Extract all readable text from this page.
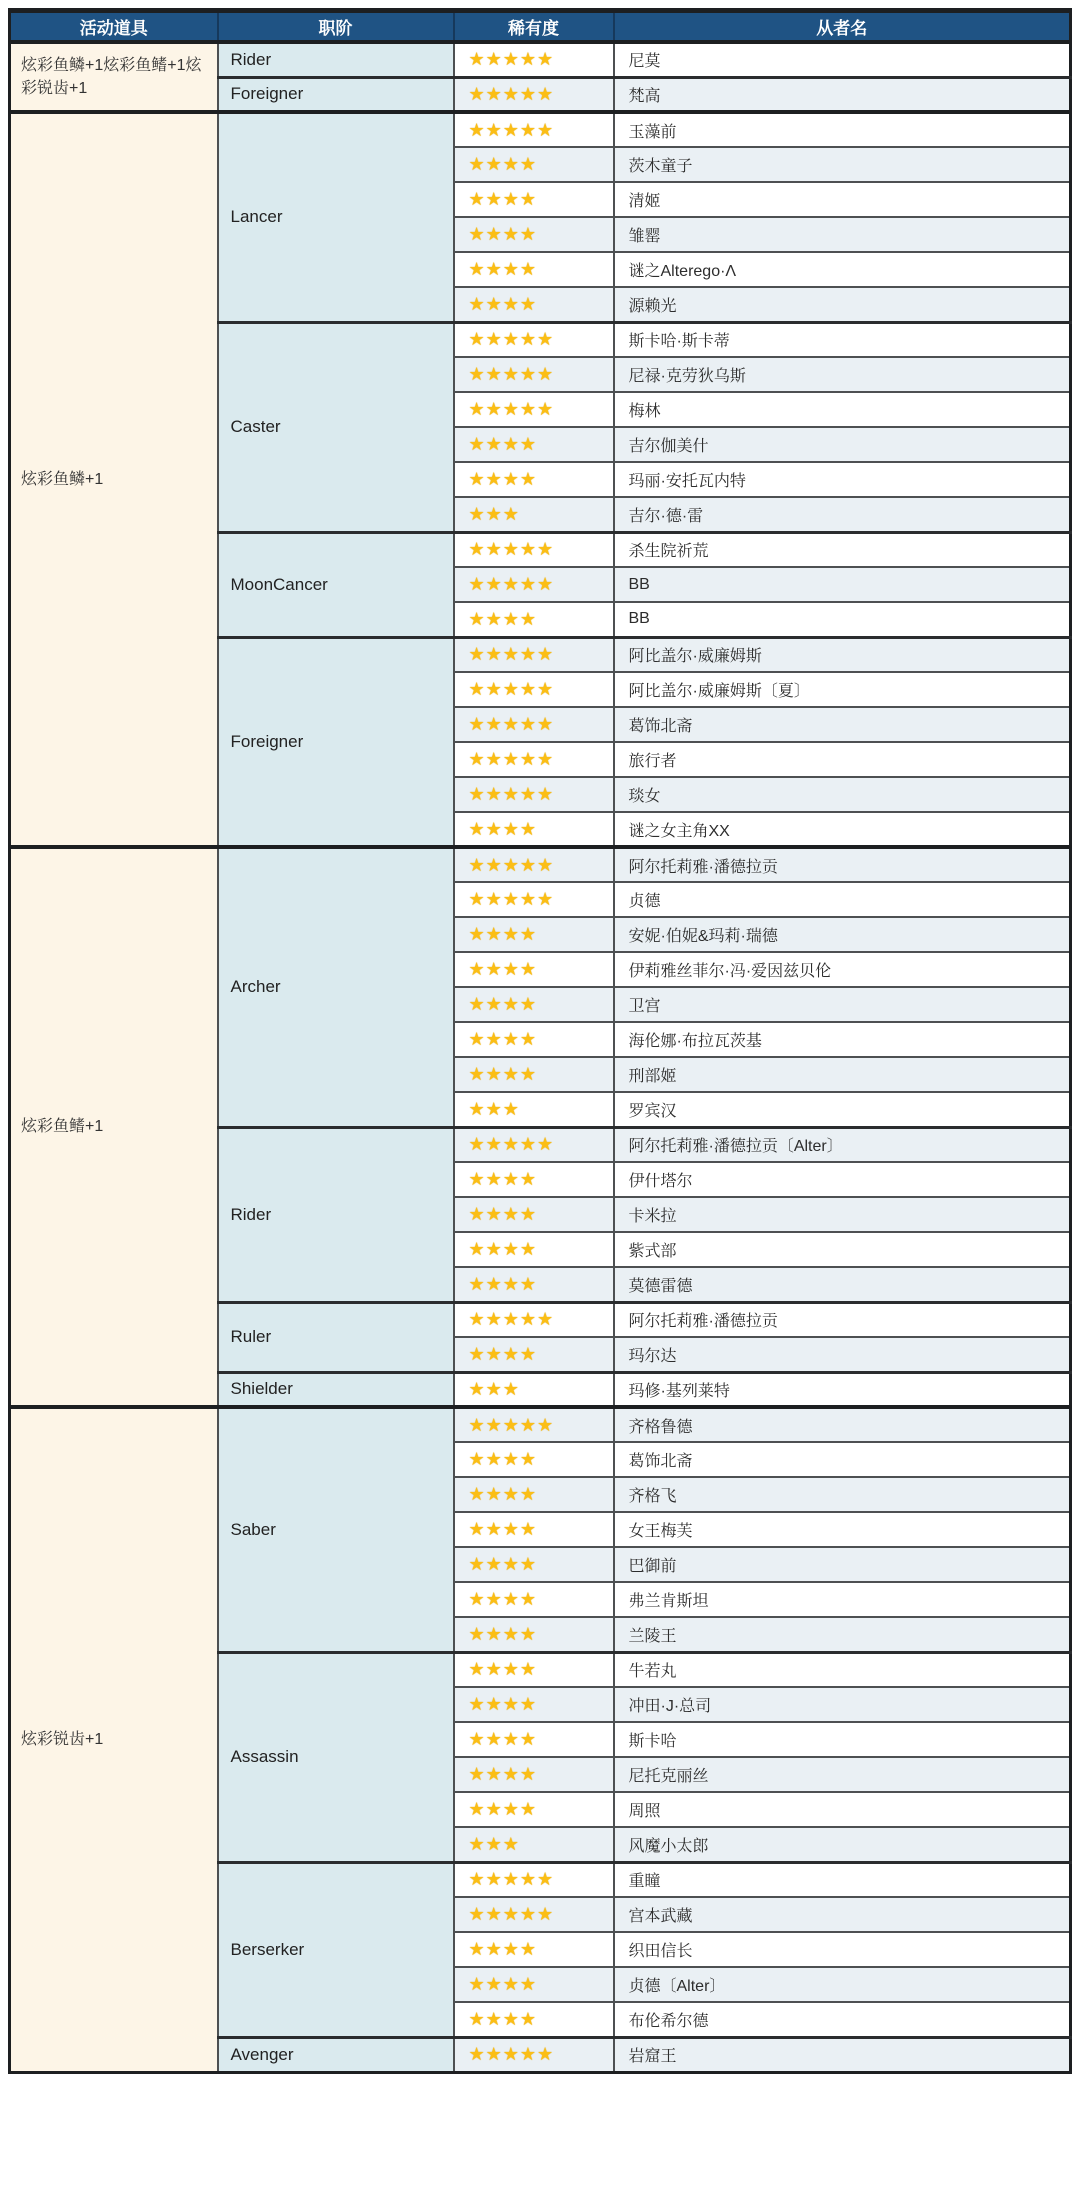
活动道具	职阶	稀有度	从者名
炫彩鱼鳞+1炫彩鱼鳍+1炫彩锐齿+1	Rider	★★★★★	尼莫
	Foreigner	★★★★★	梵高
炫彩鱼鳞+1	Lancer	★★★★★	玉藻前
		★★★★	茨木童子
		★★★★	清姬
		★★★★	雏罂
		★★★★	谜之Alterego·Λ
		★★★★	源赖光
	Caster	★★★★★	斯卡哈·斯卡蒂
		★★★★★	尼禄·克劳狄乌斯
		★★★★★	梅林
		★★★★	吉尔伽美什
		★★★★	玛丽·安托瓦内特
		★★★	吉尔·德·雷
	MoonCancer	★★★★★	杀生院祈荒
		★★★★★	BB
		★★★★	BB
	Foreigner	★★★★★	阿比盖尔·威廉姆斯
		★★★★★	阿比盖尔·威廉姆斯〔夏〕
		★★★★★	葛饰北斋
		★★★★★	旅行者
		★★★★★	琰女
		★★★★	谜之女主角XX
炫彩鱼鳍+1	Archer	★★★★★	阿尔托莉雅·潘德拉贡
		★★★★★	贞德
		★★★★	安妮·伯妮&玛莉·瑞德
		★★★★	伊莉雅丝菲尔·冯·爱因兹贝伦
		★★★★	卫宫
		★★★★	海伦娜·布拉瓦茨基
		★★★★	刑部姬
		★★★	罗宾汉
	Rider	★★★★★	阿尔托莉雅·潘德拉贡〔Alter〕
		★★★★	伊什塔尔
		★★★★	卡米拉
		★★★★	紫式部
		★★★★	莫德雷德
	Ruler	★★★★★	阿尔托莉雅·潘德拉贡
		★★★★	玛尔达
	Shielder	★★★	玛修·基列莱特
炫彩锐齿+1	Saber	★★★★★	齐格鲁德
		★★★★	葛饰北斋
		★★★★	齐格飞
		★★★★	女王梅芙
		★★★★	巴御前
		★★★★	弗兰肯斯坦
		★★★★	兰陵王
	Assassin	★★★★	牛若丸
		★★★★	冲田·J·总司
		★★★★	斯卡哈
		★★★★	尼托克丽丝
		★★★★	周照
		★★★	风魔小太郎
	Berserker	★★★★★	重瞳
		★★★★★	宫本武藏
		★★★★	织田信长
		★★★★	贞德〔Alter〕
		★★★★	布伦希尔德
	Avenger	★★★★★	岩窟王
酷乐米
